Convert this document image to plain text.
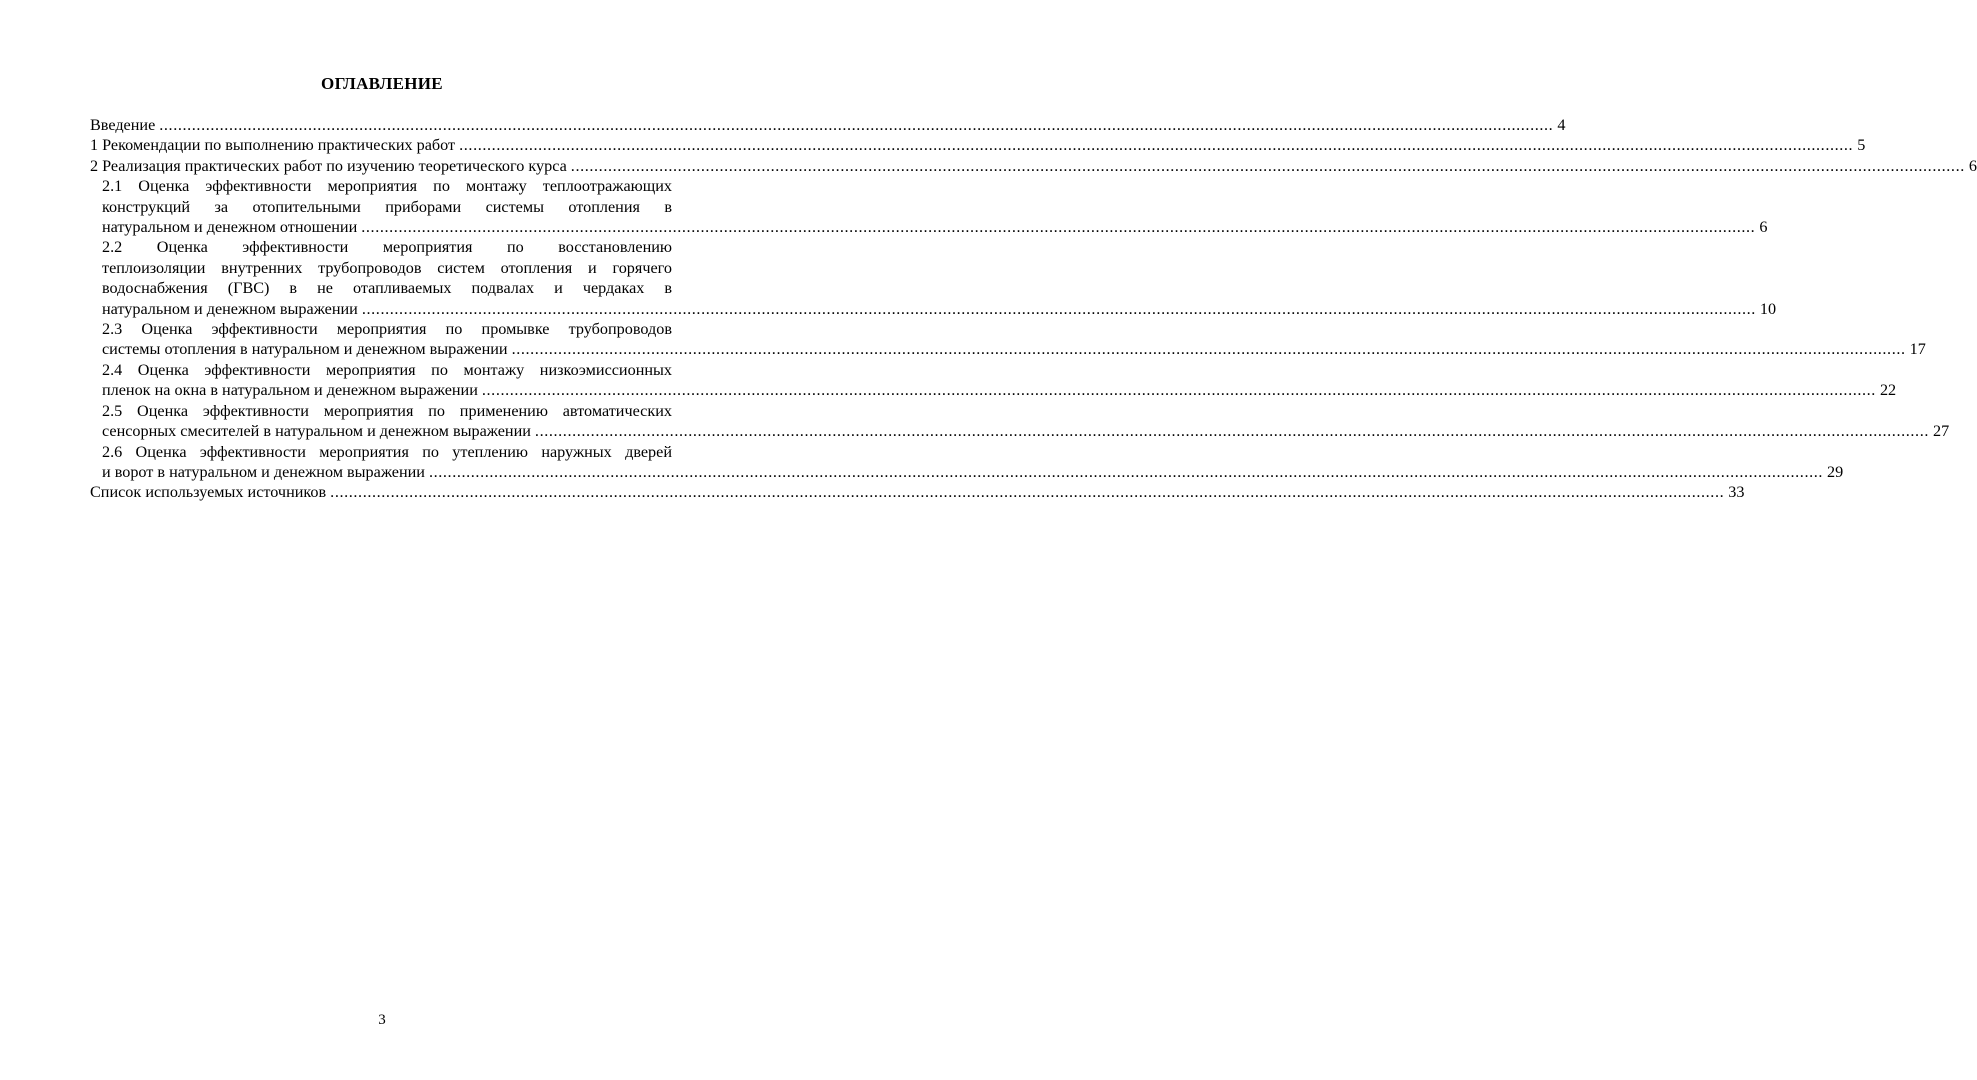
ОГЛАВЛЕНИЕ
Введение ............................................................................................................................................................................................................................................................................................................ 4
1 Рекомендации по выполнению практических работ ............................................................................................................................................................................................................................................................................................................ 5
2 Реализация практических работ по изучению теоретического курса ............................................................................................................................................................................................................................................................................................................ 6
2.1 Оценка эффективности мероприятия по монтажу теплоотражающих
конструкций за отопительными приборами системы отопления в
натуральном и денежном отношении ............................................................................................................................................................................................................................................................................................................ 6
2.2 Оценка эффективности мероприятия по восстановлению
теплоизоляции внутренних трубопроводов систем отопления и горячего
водоснабжения (ГВС) в не отапливаемых подвалах и чердаках в
натуральном и денежном выражении ............................................................................................................................................................................................................................................................................................................ 10
2.3 Оценка эффективности мероприятия по промывке трубопроводов
системы отопления в натуральном и денежном выражении ............................................................................................................................................................................................................................................................................................................ 17
2.4 Оценка эффективности мероприятия по монтажу низкоэмиссионных
пленок на окна в натуральном и денежном выражении ............................................................................................................................................................................................................................................................................................................ 22
2.5 Оценка эффективности мероприятия по применению автоматических
сенсорных смесителей в натуральном и денежном выражении ............................................................................................................................................................................................................................................................................................................ 27
2.6 Оценка эффективности мероприятия по утеплению наружных дверей
и ворот в натуральном и денежном выражении ............................................................................................................................................................................................................................................................................................................ 29
Список используемых источников ............................................................................................................................................................................................................................................................................................................ 33
3
